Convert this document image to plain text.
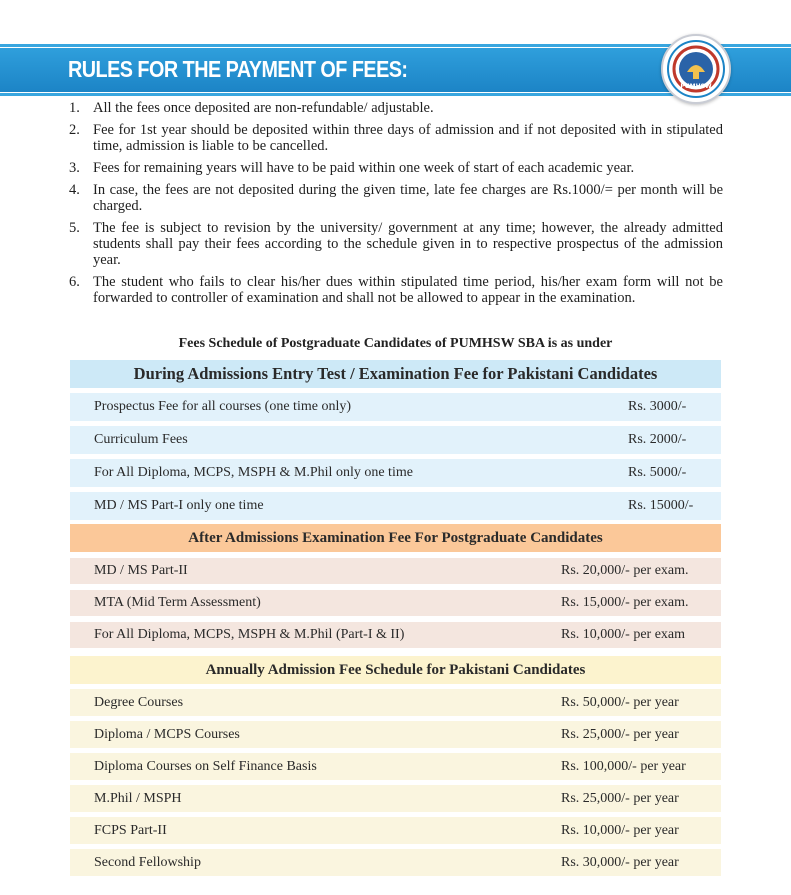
RULES FOR THE PAYMENT OF FEES:
PUMHSW
1. All the fees once deposited are non-refundable/ adjustable.
2. Fee for 1st year should be deposited within three days of admission and if not deposited with in stipulated time, admission is liable to be cancelled.
3. Fees for remaining years will have to be paid within one week of start of each academic year.
4. In case, the fees are not deposited during the given time, late fee charges are Rs.1000/= per month will be charged.
5. The fee is subject to revision by the university/ government at any time; however, the already admitted students shall pay their fees according to the schedule given in to respective prospectus of the admission year.
6. The student who fails to clear his/her dues within stipulated time period, his/her exam form will not be forwarded to controller of examination and shall not be allowed to appear in the examination.
Fees Schedule of Postgraduate Candidates of PUMHSW SBA is as under
During Admissions Entry Test / Examination Fee for Pakistani Candidates
Prospectus Fee for all courses (one time only)	Rs. 3000/-
Curriculum Fees	Rs. 2000/-
For All Diploma, MCPS, MSPH & M.Phil only one time	Rs. 5000/-
MD / MS Part-I only one time	Rs. 15000/-
After Admissions Examination Fee For Postgraduate Candidates
MD / MS Part-II	Rs. 20,000/- per exam.
MTA (Mid Term Assessment)	Rs. 15,000/- per exam.
For All Diploma, MCPS, MSPH & M.Phil (Part-I & II)	Rs. 10,000/- per exam
Annually Admission Fee Schedule for Pakistani Candidates
Degree Courses	Rs. 50,000/- per year
Diploma / MCPS Courses	Rs. 25,000/- per year
Diploma Courses on Self Finance Basis	Rs. 100,000/- per year
M.Phil / MSPH	Rs. 25,000/- per year
FCPS Part-II	Rs. 10,000/- per year
Second Fellowship	Rs. 30,000/- per year
